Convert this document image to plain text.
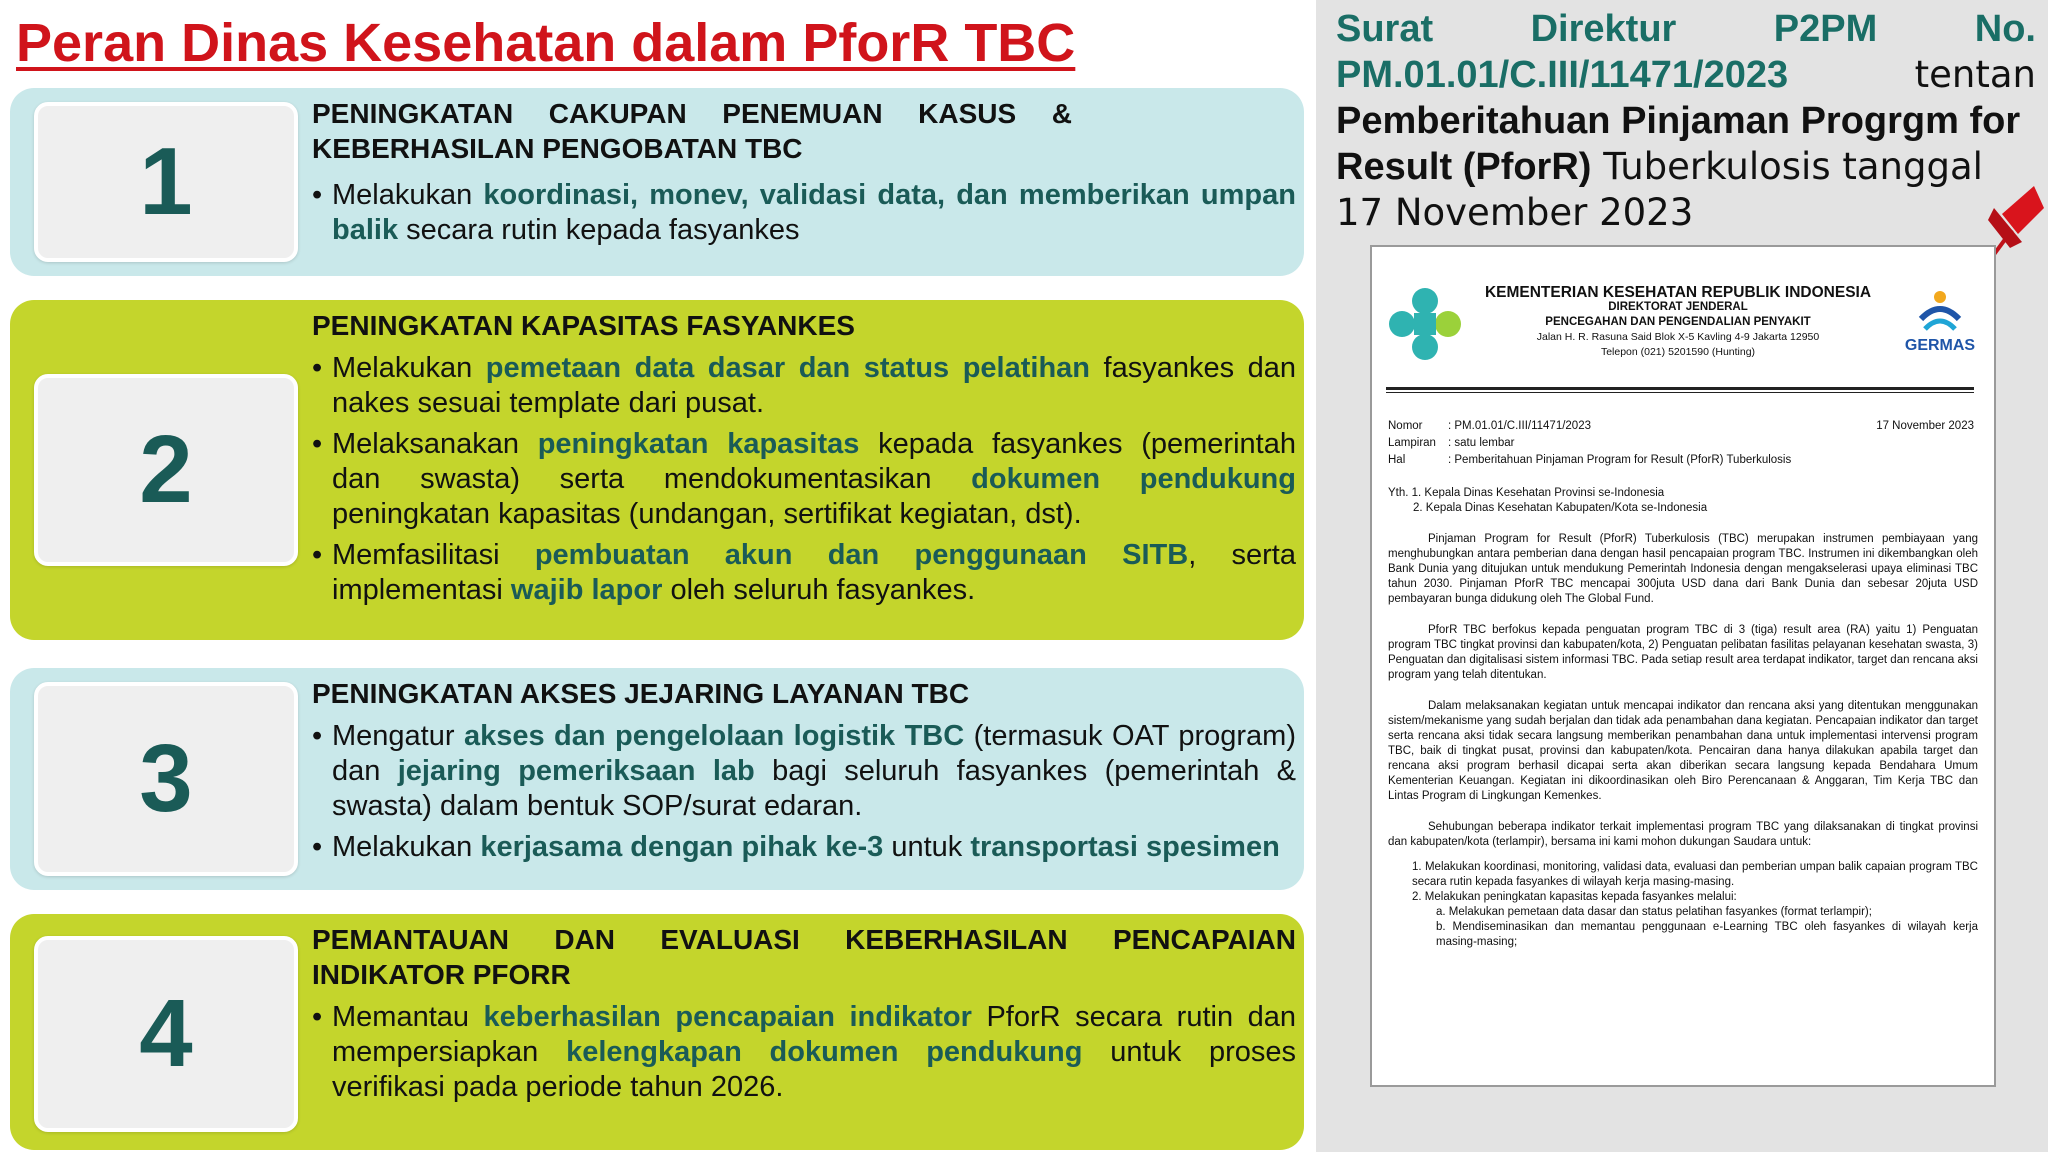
Peran Dinas Kesehatan dalam PforR TBC
1
PENINGKATAN CAKUPAN PENEMUAN KASUS & KEBERHASILAN PENGOBATAN TBC
• Melakukan koordinasi, monev, validasi data, dan memberikan umpan balik secara rutin kepada fasyankes
2
PENINGKATAN KAPASITAS FASYANKES
• Melakukan pemetaan data dasar dan status pelatihan fasyankes dan nakes sesuai template dari pusat.
• Melaksanakan peningkatan kapasitas kepada fasyankes (pemerintah dan swasta) serta mendokumentasikan dokumen pendukung peningkatan kapasitas (undangan, sertifikat kegiatan, dst).
• Memfasilitasi pembuatan akun dan penggunaan SITB, serta implementasi wajib lapor oleh seluruh fasyankes.
3
PENINGKATAN AKSES JEJARING LAYANAN TBC
• Mengatur akses dan pengelolaan logistik TBC (termasuk OAT program) dan jejaring pemeriksaan lab bagi seluruh fasyankes (pemerintah & swasta) dalam bentuk SOP/surat edaran.
• Melakukan kerjasama dengan pihak ke-3 untuk transportasi spesimen
4
PEMANTAUAN DAN EVALUASI KEBERHASILAN PENCAPAIAN INDIKATOR PFORR
• Memantau keberhasilan pencapaian indikator PforR secara rutin dan mempersiapkan kelengkapan dokumen pendukung untuk proses verifikasi pada periode tahun 2026.
Surat	Direktur	P2PM	No.
PM.01.01/C.III/11471/2023	tentan
Pemberitahuan Pinjaman Progrgm for Result (PforR) Tuberkulosis tanggal 17 November 2023
KEMENTERIAN KESEHATAN REPUBLIK INDONESIA
DIREKTORAT JENDERAL
PENCEGAHAN DAN PENGENDALIAN PENYAKIT
Jalan H. R. Rasuna Said Blok X-5 Kavling 4-9 Jakarta 12950
Telepon (021) 5201590 (Hunting)	GERMAS
Nomor	: PM.01.01/C.III/11471/2023	17 November 2023
Lampiran	: satu lembar	
Hal	: Pemberitahuan Pinjaman Program for Result (PforR) Tuberkulosis	

Yth. 1. Kepala Dinas Kesehatan Provinsi se-Indonesia

2. Kepala Dinas Kesehatan Kabupaten/Kota se-Indonesia

Pinjaman Program for Result (PforR) Tuberkulosis (TBC) merupakan instrumen pembiayaan yang menghubungkan antara pemberian dana dengan hasil pencapaian program TBC. Instrumen ini dikembangkan oleh Bank Dunia yang ditujukan untuk mendukung Pemerintah Indonesia dengan mengakselerasi upaya eliminasi TBC tahun 2030. Pinjaman PforR TBC mencapai 300juta USD dana dari Bank Dunia dan sebesar 20juta USD pembayaran bunga didukung oleh The Global Fund.

PforR TBC berfokus kepada penguatan program TBC di 3 (tiga) result area (RA) yaitu 1) Penguatan program TBC tingkat provinsi dan kabupaten/kota, 2) Penguatan pelibatan fasilitas pelayanan kesehatan swasta, 3) Penguatan dan digitalisasi sistem informasi TBC. Pada setiap result area terdapat indikator, target dan rencana aksi program yang telah ditentukan.

Dalam melaksanakan kegiatan untuk mencapai indikator dan rencana aksi yang ditentukan menggunakan sistem/mekanisme yang sudah berjalan dan tidak ada penambahan dana kegiatan. Pencapaian indikator dan target serta rencana aksi tidak secara langsung memberikan penambahan dana untuk implementasi intervensi program TBC, baik di tingkat pusat, provinsi dan kabupaten/kota. Pencairan dana hanya dilakukan apabila target dan rencana aksi program berhasil dicapai serta akan diberikan secara langsung kepada Bendahara Umum Kementerian Keuangan. Kegiatan ini dikoordinasikan oleh Biro Perencanaan & Anggaran, Tim Kerja TBC dan Lintas Program di Lingkungan Kemenkes.

Sehubungan beberapa indikator terkait implementasi program TBC yang dilaksanakan di tingkat provinsi dan kabupaten/kota (terlampir), bersama ini kami mohon dukungan Saudara untuk:

1. Melakukan koordinasi, monitoring, validasi data, evaluasi dan pemberian umpan balik capaian program TBC secara rutin kepada fasyankes di wilayah kerja masing-masing.

2. Melakukan peningkatan kapasitas kepada fasyankes melalui:

a. Melakukan pemetaan data dasar dan status pelatihan fasyankes (format terlampir);

b. Mendiseminasikan dan memantau penggunaan e-Learning TBC oleh fasyankes di wilayah kerja masing-masing;
